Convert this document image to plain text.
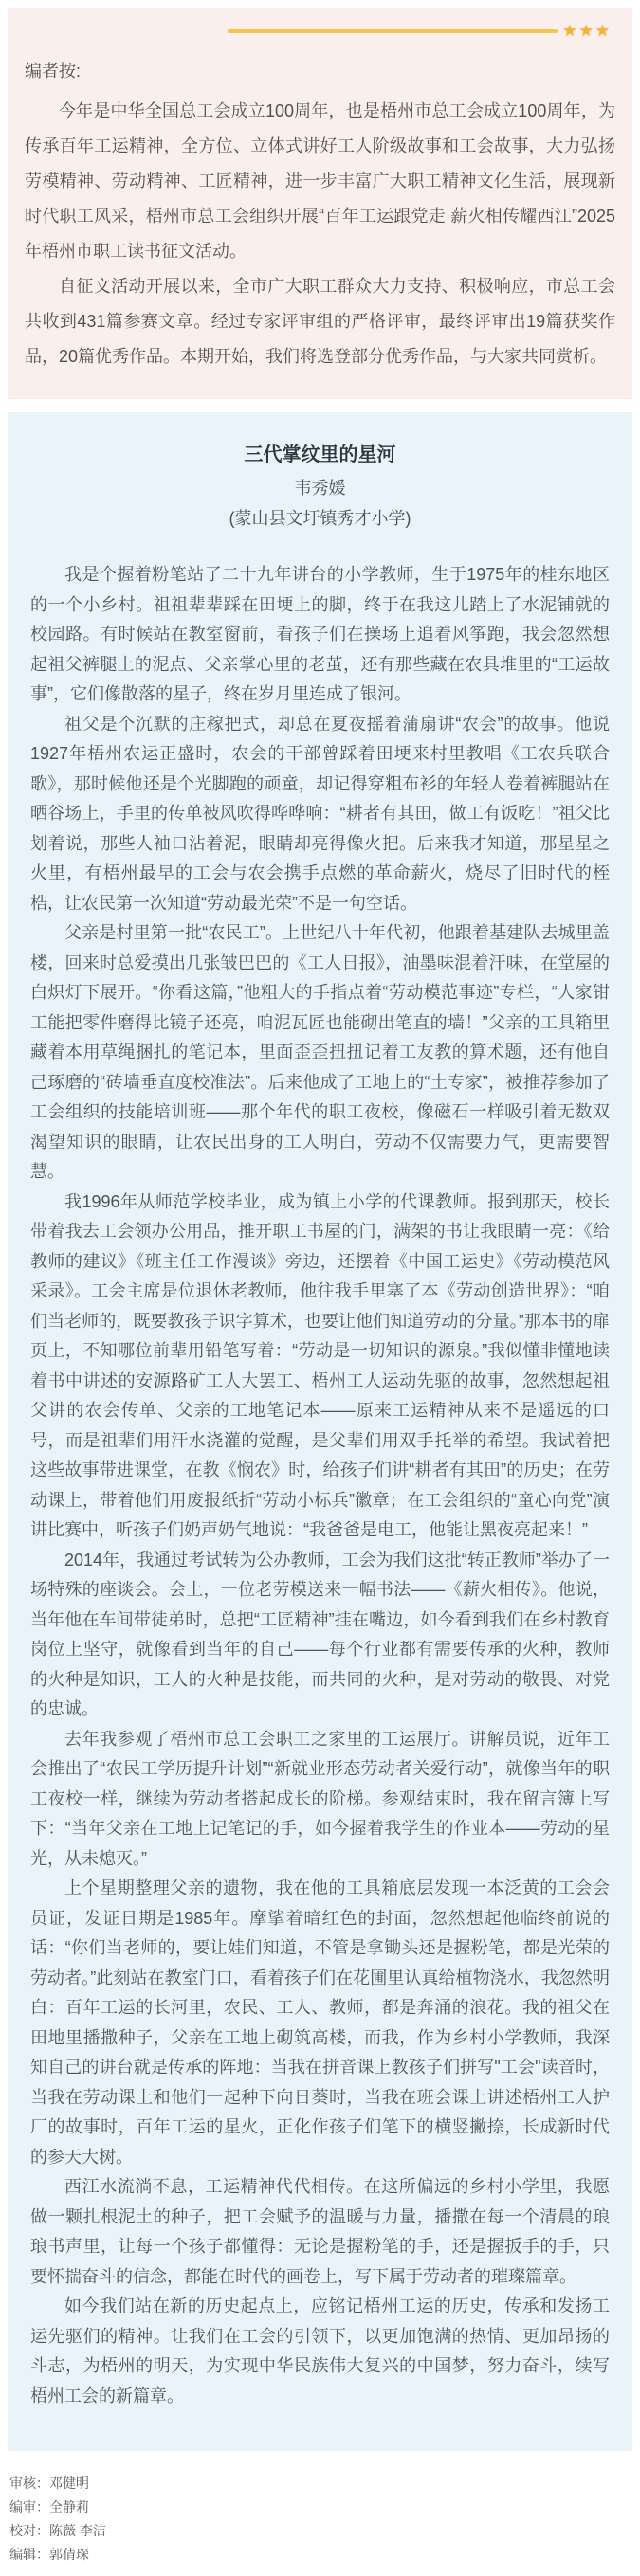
★★★
编者按:

今年是中华全国总工会成立100周年，也是梧州市总工会成立100周年，为传承百年工运精神，全方位、立体式讲好工人阶级故事和工会故事，大力弘扬劳模精神、劳动精神、工匠精神，进一步丰富广大职工精神文化生活，展现新时代职工风采，梧州市总工会组织开展“百年工运跟党走 薪火相传耀西江”2025年梧州市职工读书征文活动。

自征文活动开展以来，全市广大职工群众大力支持、积极响应，市总工会共收到431篇参赛文章。经过专家评审组的严格评审，最终评审出19篇获奖作品，20篇优秀作品。本期开始，我们将选登部分优秀作品，与大家共同赏析。

三代掌纹里的星河
韦秀媛
(蒙山县文圩镇秀才小学)

我是个握着粉笔站了二十九年讲台的小学教师，生于1975年的桂东地区的一个小乡村。祖祖辈辈踩在田埂上的脚，终于在我这儿踏上了水泥铺就的校园路。有时候站在教室窗前，看孩子们在操场上追着风筝跑，我会忽然想起祖父裤腿上的泥点、父亲掌心里的老茧，还有那些藏在农具堆里的“工运故事”，它们像散落的星子，终在岁月里连成了银河。

祖父是个沉默的庄稼把式，却总在夏夜摇着蒲扇讲“农会”的故事。他说1927年梧州农运正盛时，农会的干部曾踩着田埂来村里教唱《工农兵联合歌》，那时候他还是个光脚跑的顽童，却记得穿粗布衫的年轻人卷着裤腿站在晒谷场上，手里的传单被风吹得哗哗响：“耕者有其田，做工有饭吃！”祖父比划着说，那些人袖口沾着泥，眼睛却亮得像火把。后来我才知道，那星星之火里，有梧州最早的工会与农会携手点燃的革命薪火，烧尽了旧时代的桎梏，让农民第一次知道“劳动最光荣”不是一句空话。

父亲是村里第一批“农民工”。上世纪八十年代初，他跟着基建队去城里盖楼，回来时总爱摸出几张皱巴巴的《工人日报》，油墨味混着汗味，在堂屋的白炽灯下展开。“你看这篇，”他粗大的手指点着“劳动模范事迹”专栏，“人家钳工能把零件磨得比镜子还亮，咱泥瓦匠也能砌出笔直的墙！”父亲的工具箱里藏着本用草绳捆扎的笔记本，里面歪歪扭扭记着工友教的算术题，还有他自己琢磨的“砖墙垂直度校准法”。后来他成了工地上的“土专家”，被推荐参加了工会组织的技能培训班——那个年代的职工夜校，像磁石一样吸引着无数双渴望知识的眼睛，让农民出身的工人明白，劳动不仅需要力气，更需要智慧。

我1996年从师范学校毕业，成为镇上小学的代课教师。报到那天，校长带着我去工会领办公用品，推开职工书屋的门，满架的书让我眼睛一亮：《给教师的建议》《班主任工作漫谈》旁边，还摆着《中国工运史》《劳动模范风采录》。工会主席是位退休老教师，他往我手里塞了本《劳动创造世界》：“咱们当老师的，既要教孩子识字算术，也要让他们知道劳动的分量。”那本书的扉页上，不知哪位前辈用铅笔写着：“劳动是一切知识的源泉。”我似懂非懂地读着书中讲述的安源路矿工人大罢工、梧州工人运动先驱的故事，忽然想起祖父讲的农会传单、父亲的工地笔记本——原来工运精神从来不是遥远的口号，而是祖辈们用汗水浇灌的觉醒，是父辈们用双手托举的希望。我试着把这些故事带进课堂，在教《悯农》时，给孩子们讲“耕者有其田”的历史；在劳动课上，带着他们用废报纸折“劳动小标兵”徽章；在工会组织的“童心向党”演讲比赛中，听孩子们奶声奶气地说：“我爸爸是电工，他能让黑夜亮起来！”

2014年，我通过考试转为公办教师，工会为我们这批“转正教师”举办了一场特殊的座谈会。会上，一位老劳模送来一幅书法——《薪火相传》。他说，当年他在车间带徒弟时，总把“工匠精神”挂在嘴边，如今看到我们在乡村教育岗位上坚守，就像看到当年的自己——每个行业都有需要传承的火种，教师的火种是知识，工人的火种是技能，而共同的火种，是对劳动的敬畏、对党的忠诚。

去年我参观了梧州市总工会职工之家里的工运展厅。讲解员说，近年工会推出了“农民工学历提升计划”“新就业形态劳动者关爱行动”，就像当年的职工夜校一样，继续为劳动者搭起成长的阶梯。参观结束时，我在留言簿上写下：“当年父亲在工地上记笔记的手，如今握着我学生的作业本——劳动的星光，从未熄灭。”

上个星期整理父亲的遗物，我在他的工具箱底层发现一本泛黄的工会会员证，发证日期是1985年。摩挲着暗红色的封面，忽然想起他临终前说的话：“你们当老师的，要让娃们知道，不管是拿锄头还是握粉笔，都是光荣的劳动者。”此刻站在教室门口，看着孩子们在花圃里认真给植物浇水，我忽然明白：百年工运的长河里，农民、工人、教师，都是奔涌的浪花。我的祖父在田地里播撒种子，父亲在工地上砌筑高楼，而我，作为乡村小学教师，我深知自己的讲台就是传承的阵地：当我在拼音课上教孩子们拼写"工会"读音时，当我在劳动课上和他们一起种下向日葵时，当我在班会课上讲述梧州工人护厂的故事时，百年工运的星火，正化作孩子们笔下的横竖撇捺，长成新时代的参天大树。

西江水流淌不息，工运精神代代相传。在这所偏远的乡村小学里，我愿做一颗扎根泥土的种子，把工会赋予的温暖与力量，播撒在每一个清晨的琅琅书声里，让每一个孩子都懂得：无论是握粉笔的手，还是握扳手的手，只要怀揣奋斗的信念，都能在时代的画卷上，写下属于劳动者的璀璨篇章。

如今我们站在新的历史起点上，应铭记梧州工运的历史，传承和发扬工运先驱们的精神。让我们在工会的引领下，以更加饱满的热情、更加昂扬的斗志，为梧州的明天，为实现中华民族伟大复兴的中国梦，努力奋斗，续写梧州工会的新篇章。

审核：邓健明
编审：全静莉
校对：陈薇 李洁
编辑：郭倩琛
